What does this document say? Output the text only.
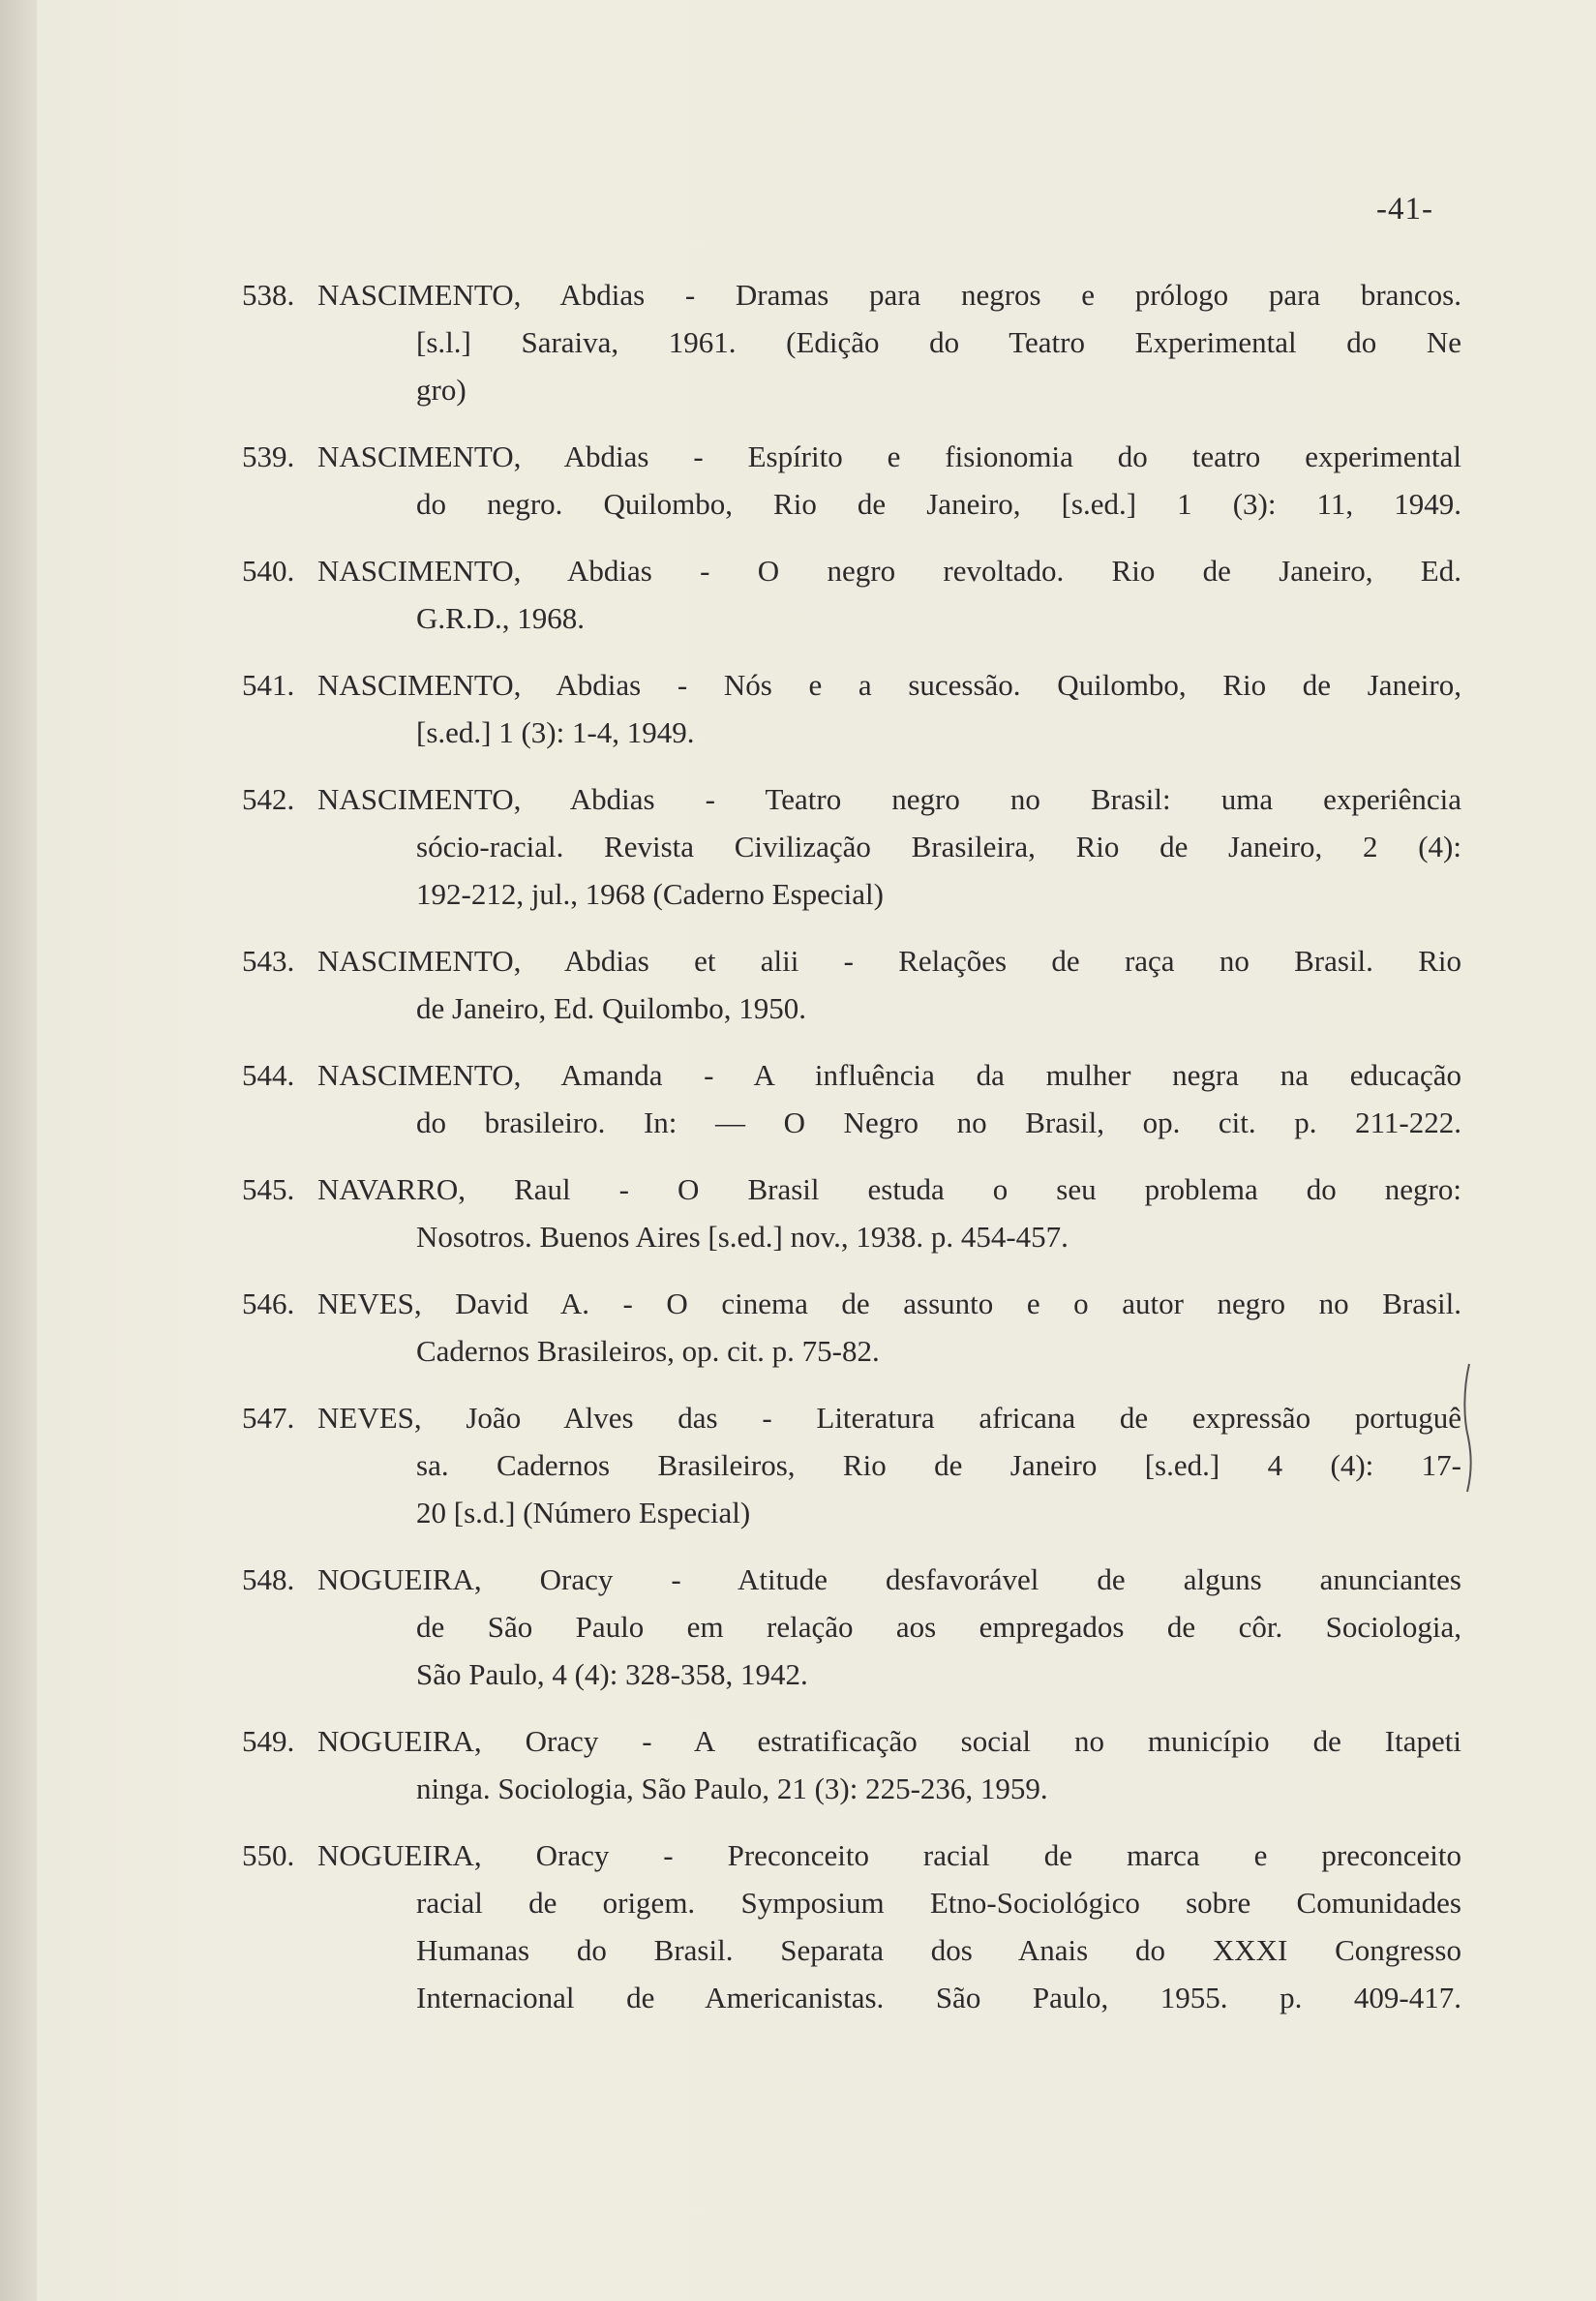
-41-
538. NASCIMENTO, Abdias - Dramas para negros e prólogo para brancos.
[s.l.] Saraiva, 1961. (Edição do Teatro Experimental do Ne
gro)
539. NASCIMENTO, Abdias - Espírito e fisionomia do teatro experimental
do negro. Quilombo, Rio de Janeiro, [s.ed.] 1 (3): 11, 1949.
540. NASCIMENTO, Abdias - O negro revoltado. Rio de Janeiro, Ed.
G.R.D., 1968.
541. NASCIMENTO, Abdias - Nós e a sucessão. Quilombo, Rio de Janeiro,
[s.ed.] 1 (3): 1-4, 1949.
542. NASCIMENTO, Abdias - Teatro negro no Brasil: uma experiência
sócio-racial. Revista Civilização Brasileira, Rio de Janeiro, 2 (4):
192-212, jul., 1968 (Caderno Especial)
543. NASCIMENTO, Abdias et alii - Relações de raça no Brasil. Rio
de Janeiro, Ed. Quilombo, 1950.
544. NASCIMENTO, Amanda - A influência da mulher negra na educação
do brasileiro. In: — O Negro no Brasil, op. cit. p. 211-222.
545. NAVARRO, Raul - O Brasil estuda o seu problema do negro:
Nosotros. Buenos Aires [s.ed.] nov., 1938. p. 454-457.
546. NEVES, David A. - O cinema de assunto e o autor negro no Brasil.
Cadernos Brasileiros, op. cit. p. 75-82.
547. NEVES, João Alves das - Literatura africana de expressão portuguê
sa. Cadernos Brasileiros, Rio de Janeiro [s.ed.] 4 (4): 17-
20 [s.d.] (Número Especial)
548. NOGUEIRA, Oracy - Atitude desfavorável de alguns anunciantes
de São Paulo em relação aos empregados de côr. Sociologia,
São Paulo, 4 (4): 328-358, 1942.
549. NOGUEIRA, Oracy - A estratificação social no município de Itapeti
ninga. Sociologia, São Paulo, 21 (3): 225-236, 1959.
550. NOGUEIRA, Oracy - Preconceito racial de marca e preconceito
racial de origem. Symposium Etno-Sociológico sobre Comunidades
Humanas do Brasil. Separata dos Anais do XXXI Congresso
Internacional de Americanistas. São Paulo, 1955. p. 409-417.
